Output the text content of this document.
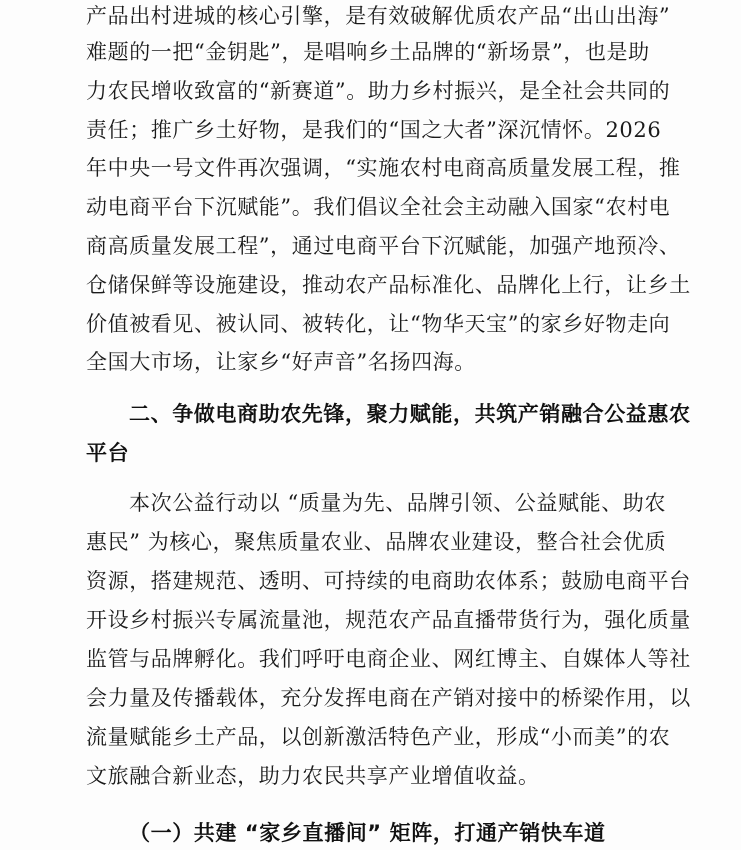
产品出村进城的核心引擎，是有效破解优质农产品“出山出海”
难题的一把“金钥匙”，是唱响乡土品牌的“新场景”，也是助
力农民增收致富的“新赛道”。助力乡村振兴，是全社会共同的
责任；推广乡土好物，是我们的“国之大者”深沉情怀。2026
年中央一号文件再次强调，“实施农村电商高质量发展工程，推
动电商平台下沉赋能”。我们倡议全社会主动融入国家“农村电
商高质量发展工程”，通过电商平台下沉赋能，加强产地预冷、
仓储保鲜等设施建设，推动农产品标准化、品牌化上行，让乡土
价值被看见、被认同、被转化，让“物华天宝”的家乡好物走向
全国大市场，让家乡“好声音”名扬四海。
二、争做电商助农先锋，聚力赋能，共筑产销融合公益惠农
平台
本次公益行动以 “质量为先、品牌引领、公益赋能、助农
惠民” 为核心，聚焦质量农业、品牌农业建设，整合社会优质
资源，搭建规范、透明、可持续的电商助农体系；鼓励电商平台
开设乡村振兴专属流量池，规范农产品直播带货行为，强化质量
监管与品牌孵化。我们呼吁电商企业、网红博主、自媒体人等社
会力量及传播载体，充分发挥电商在产销对接中的桥梁作用，以
流量赋能乡土产品，以创新激活特色产业，形成“小而美”的农
文旅融合新业态，助力农民共享产业增值收益。
（一）共建 “家乡直播间” 矩阵，打通产销快车道
